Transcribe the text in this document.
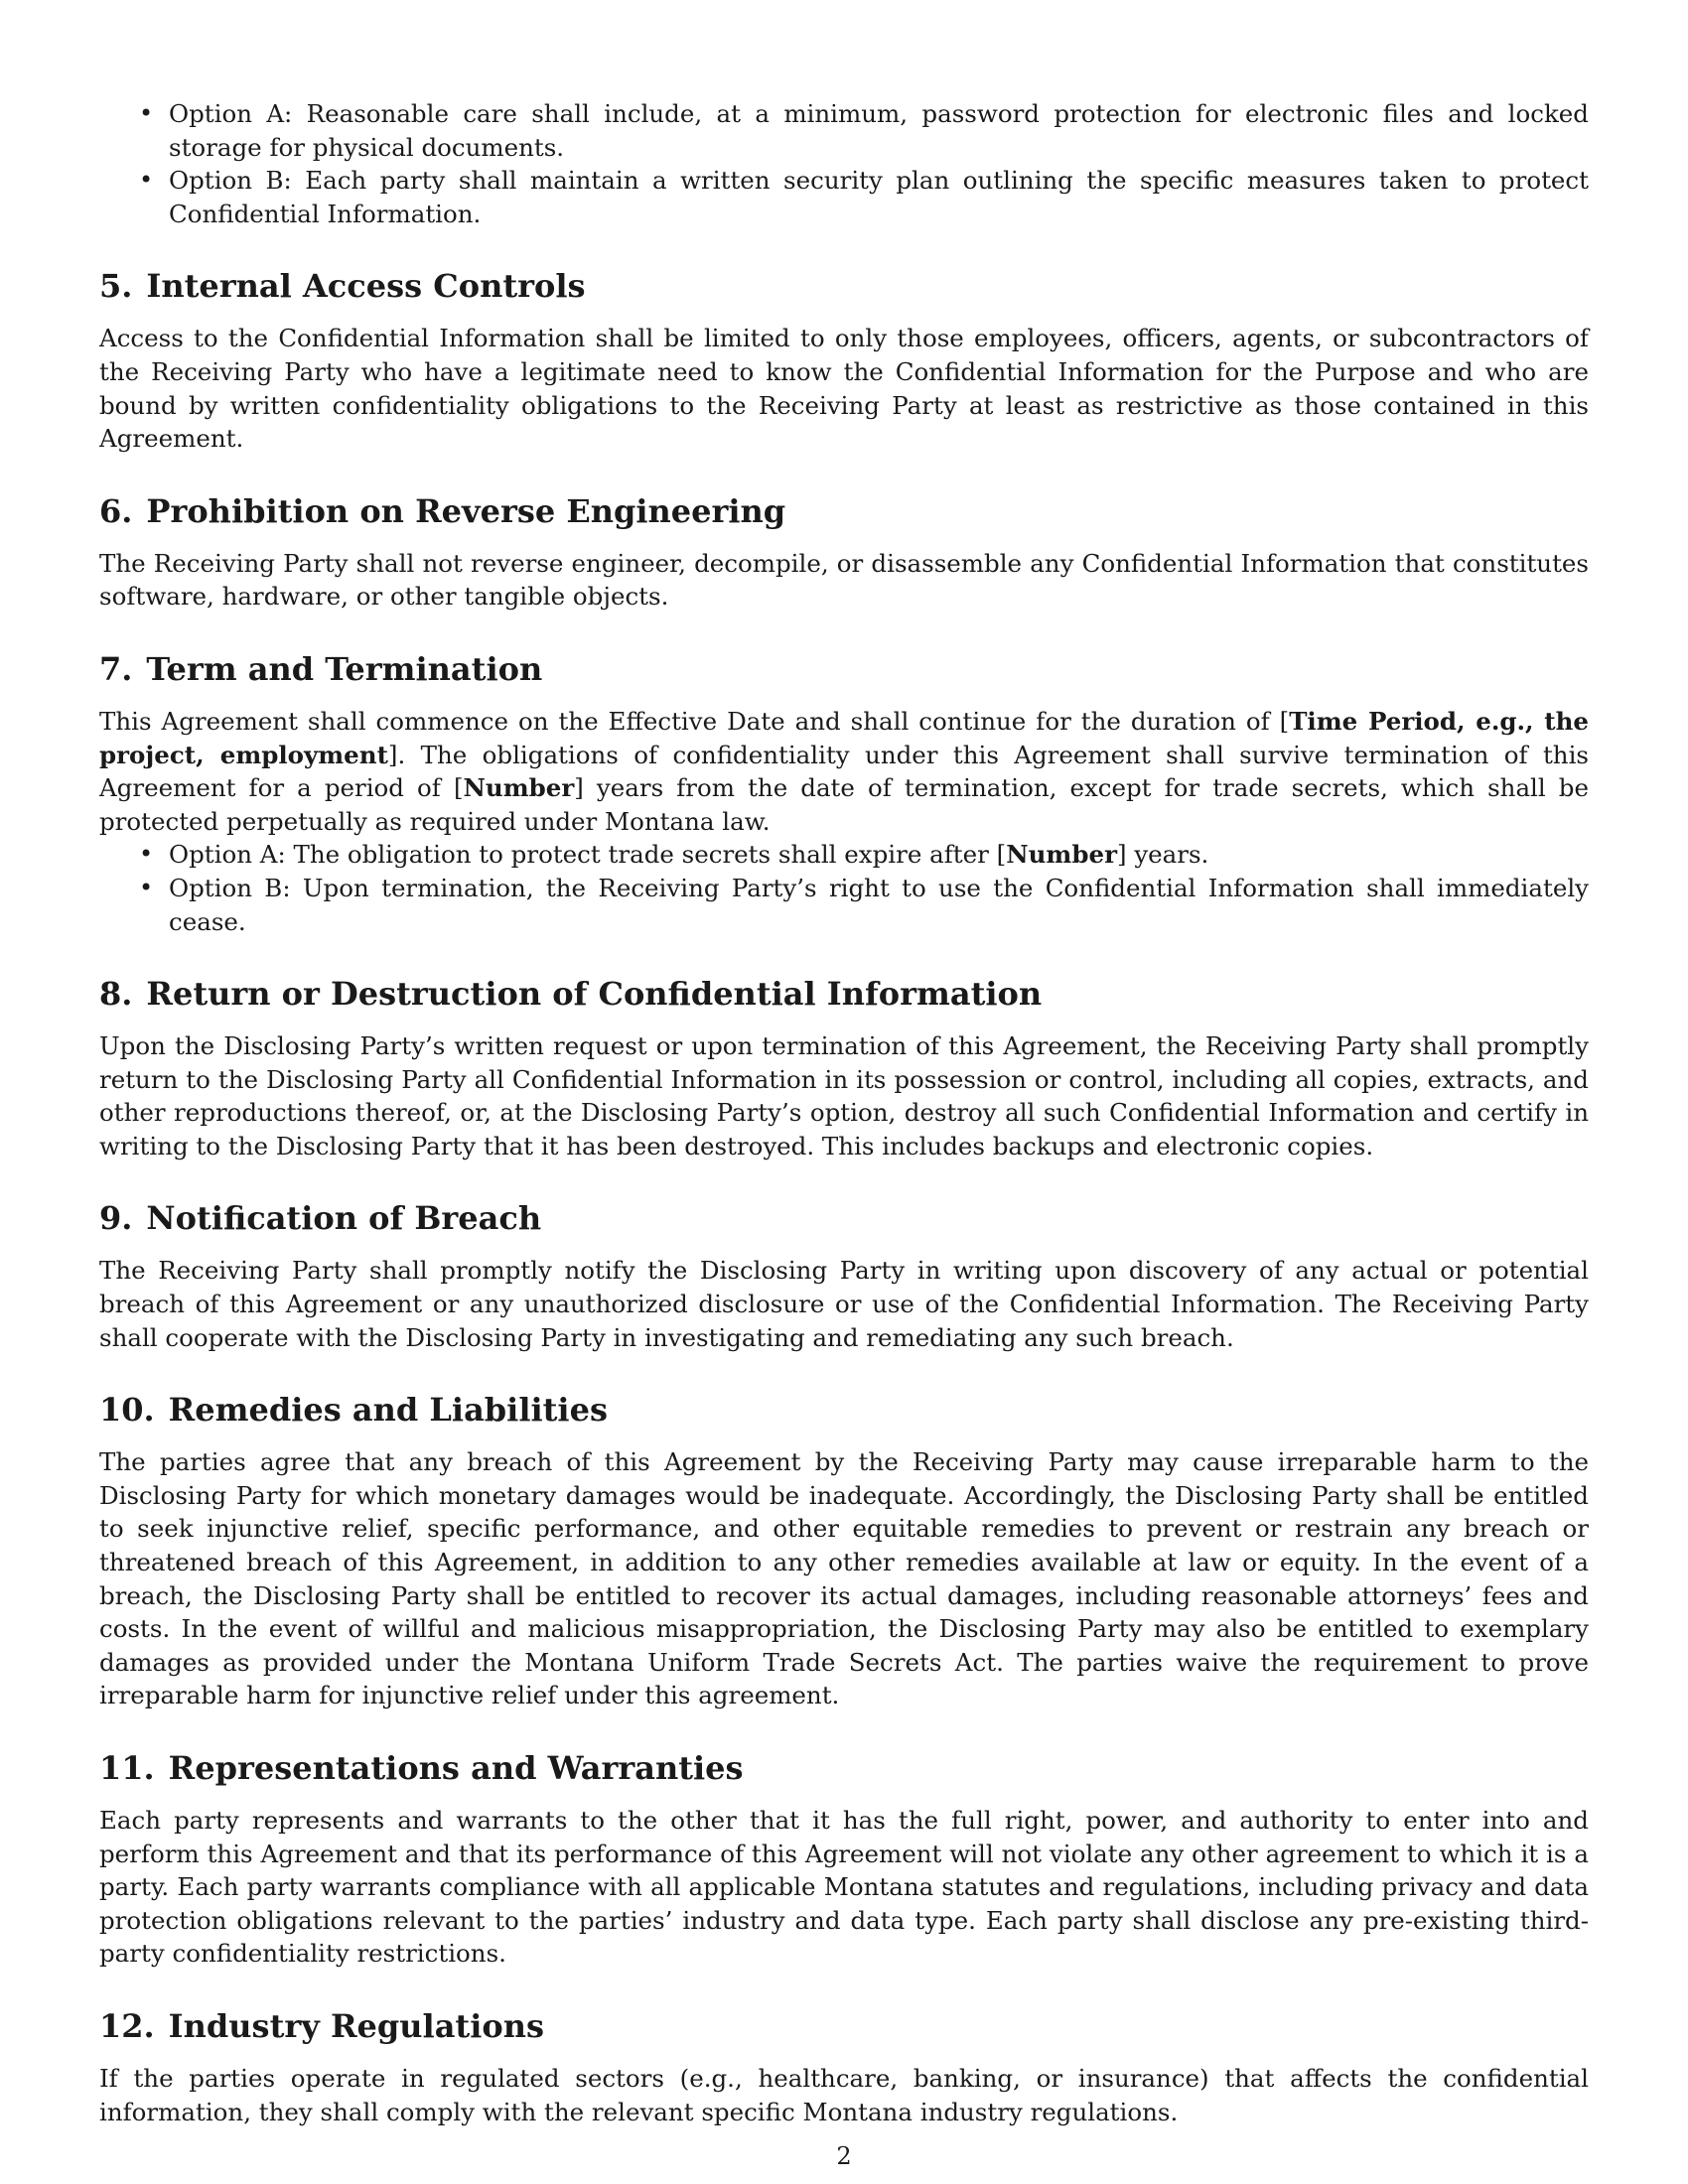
• Option A: Reasonable care shall include, at a minimum, password protection for electronic files and locked storage for physical documents.
• Option B: Each party shall maintain a written security plan outlining the specific measures taken to protect Confidential Information.
5. Internal Access Controls

Access to the Confidential Information shall be limited to only those employees, officers, agents, or subcontractors of the Receiving Party who have a legitimate need to know the Confidential Information for the Purpose and who are bound by written confidentiality obligations to the Receiving Party at least as restrictive as those contained in this Agreement.

6. Prohibition on Reverse Engineering

The Receiving Party shall not reverse engineer, decompile, or disassemble any Confidential Information that constitutes software, hardware, or other tangible objects.

7. Term and Termination

This Agreement shall commence on the Effective Date and shall continue for the duration of [Time Period, e.g., the project, employment]. The obligations of confidentiality under this Agreement shall survive termination of this Agreement for a period of [Number] years from the date of termination, except for trade secrets, which shall be protected perpetually as required under Montana law.

• Option A: The obligation to protect trade secrets shall expire after [Number] years.
• Option B: Upon termination, the Receiving Party’s right to use the Confidential Information shall immediately cease.
8. Return or Destruction of Confidential Information

Upon the Disclosing Party’s written request or upon termination of this Agreement, the Receiving Party shall promptly return to the Disclosing Party all Confidential Information in its possession or control, including all copies, extracts, and other reproductions thereof, or, at the Disclosing Party’s option, destroy all such Confidential Information and certify in writing to the Disclosing Party that it has been destroyed. This includes backups and electronic copies.

9. Notification of Breach

The Receiving Party shall promptly notify the Disclosing Party in writing upon discovery of any actual or potential breach of this Agreement or any unauthorized disclosure or use of the Confidential Information. The Receiving Party shall cooperate with the Disclosing Party in investigating and remediating any such breach.

10. Remedies and Liabilities

The parties agree that any breach of this Agreement by the Receiving Party may cause irreparable harm to the Disclosing Party for which monetary damages would be inadequate. Accordingly, the Disclosing Party shall be entitled to seek injunctive relief, specific performance, and other equitable remedies to prevent or restrain any breach or threatened breach of this Agreement, in addition to any other remedies available at law or equity. In the event of a breach, the Disclosing Party shall be entitled to recover its actual damages, including reasonable attorneys’ fees and costs. In the event of willful and malicious misappropriation, the Disclosing Party may also be entitled to exemplary damages as provided under the Montana Uniform Trade Secrets Act. The parties waive the requirement to prove irreparable harm for injunctive relief under this agreement.

11. Representations and Warranties

Each party represents and warrants to the other that it has the full right, power, and authority to enter into and perform this Agreement and that its performance of this Agreement will not violate any other agreement to which it is a party. Each party warrants compliance with all applicable Montana statutes and regulations, including privacy and data protection obligations relevant to the parties’ industry and data type. Each party shall disclose any pre-existing third-party confidentiality restrictions.

12. Industry Regulations

If the parties operate in regulated sectors (e.g., healthcare, banking, or insurance) that affects the confidential information, they shall comply with the relevant specific Montana industry regulations.

2
